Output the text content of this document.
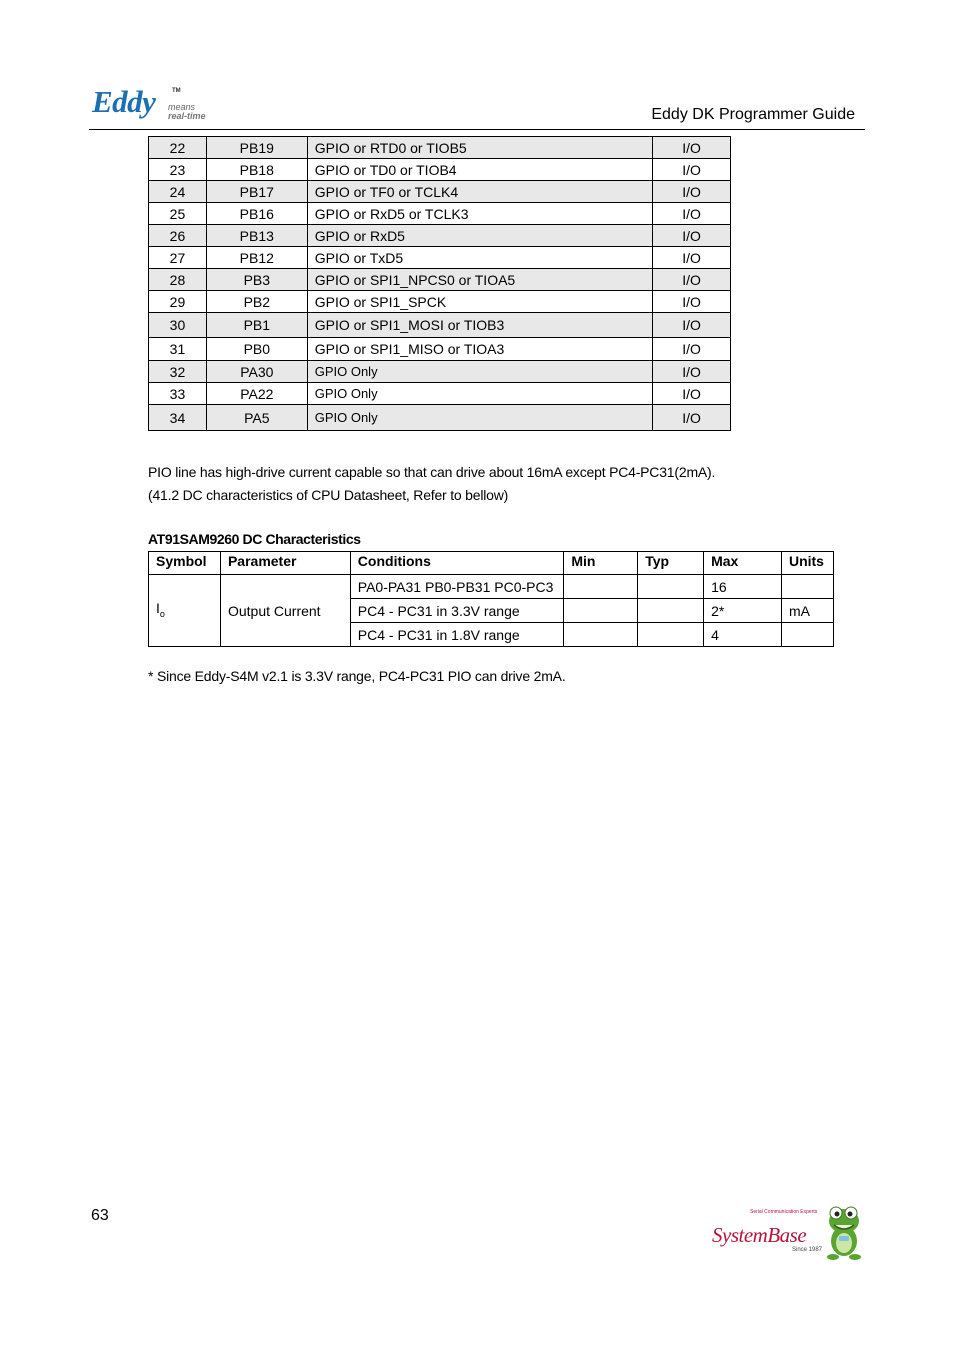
Eddy	TM
means
real-time	Eddy DK Programmer Guide
22	PB19	GPIO or RTD0 or TIOB5	I/O
23	PB18	GPIO or TD0 or TIOB4	I/O
24	PB17	GPIO or TF0 or TCLK4	I/O
25	PB16	GPIO or RxD5 or TCLK3	I/O
26	PB13	GPIO or RxD5	I/O
27	PB12	GPIO or TxD5	I/O
28	PB3	GPIO or SPI1_NPCS0 or TIOA5	I/O
29	PB2	GPIO or SPI1_SPCK	I/O
30	PB1	GPIO or SPI1_MOSI or TIOB3	I/O
31	PB0	GPIO or SPI1_MISO or TIOA3	I/O
32	PA30	GPIO Only	I/O
33	PA22	GPIO Only	I/O
34	PA5	GPIO Only	I/O
PIO line has high-drive current capable so that can drive about 16mA except PC4-PC31(2mA).
(41.2 DC characteristics of CPU Datasheet, Refer to bellow)
AT91SAM9260 DC Characteristics
Symbol	Parameter	Conditions	Min	Typ	Max	Units
$I_o$	Output Current	PA0-PA31 PB0-PB31 PC0-PC3			16	
		PC4 - PC31 in 3.3V range			2*	mA
		PC4 - PC31 in 1.8V range			4	
* Since Eddy-S4M v2.1 is 3.3V range, PC4-PC31 PIO can drive 2mA.
63	Serial Communication Experts
SystemBase
Since 1987
